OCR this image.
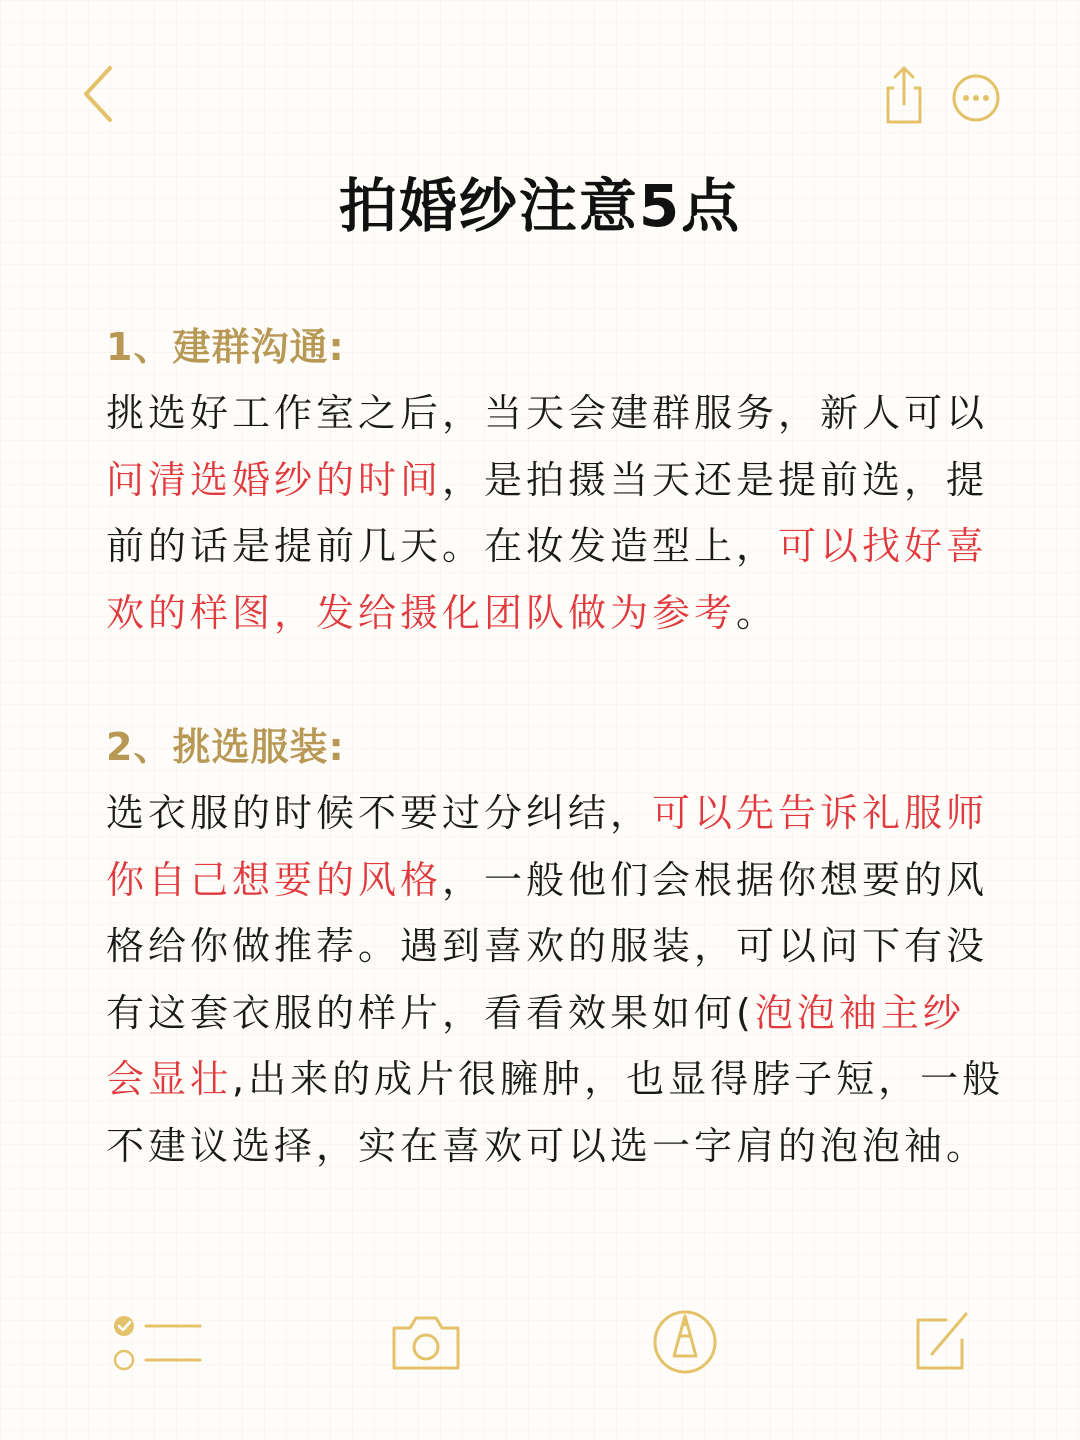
拍婚纱注意5点
1、建群沟通:

挑选好工作室之后，当天会建群服务，新人可以问清选婚纱的时间，是拍摄当天还是提前选，提前的话是提前几天。在妆发造型上，可以找好喜欢的样图，发给摄化团队做为参考。

2、挑选服装:

选衣服的时候不要过分纠结，可以先告诉礼服师你自己想要的风格，一般他们会根据你想要的风格给你做推荐。遇到喜欢的服装，可以问下有没有这套衣服的样片，看看效果如何(泡泡袖主纱会显壮,出来的成片很臃肿，也显得脖子短，一般不建议选择，实在喜欢可以选一字肩的泡泡袖。
